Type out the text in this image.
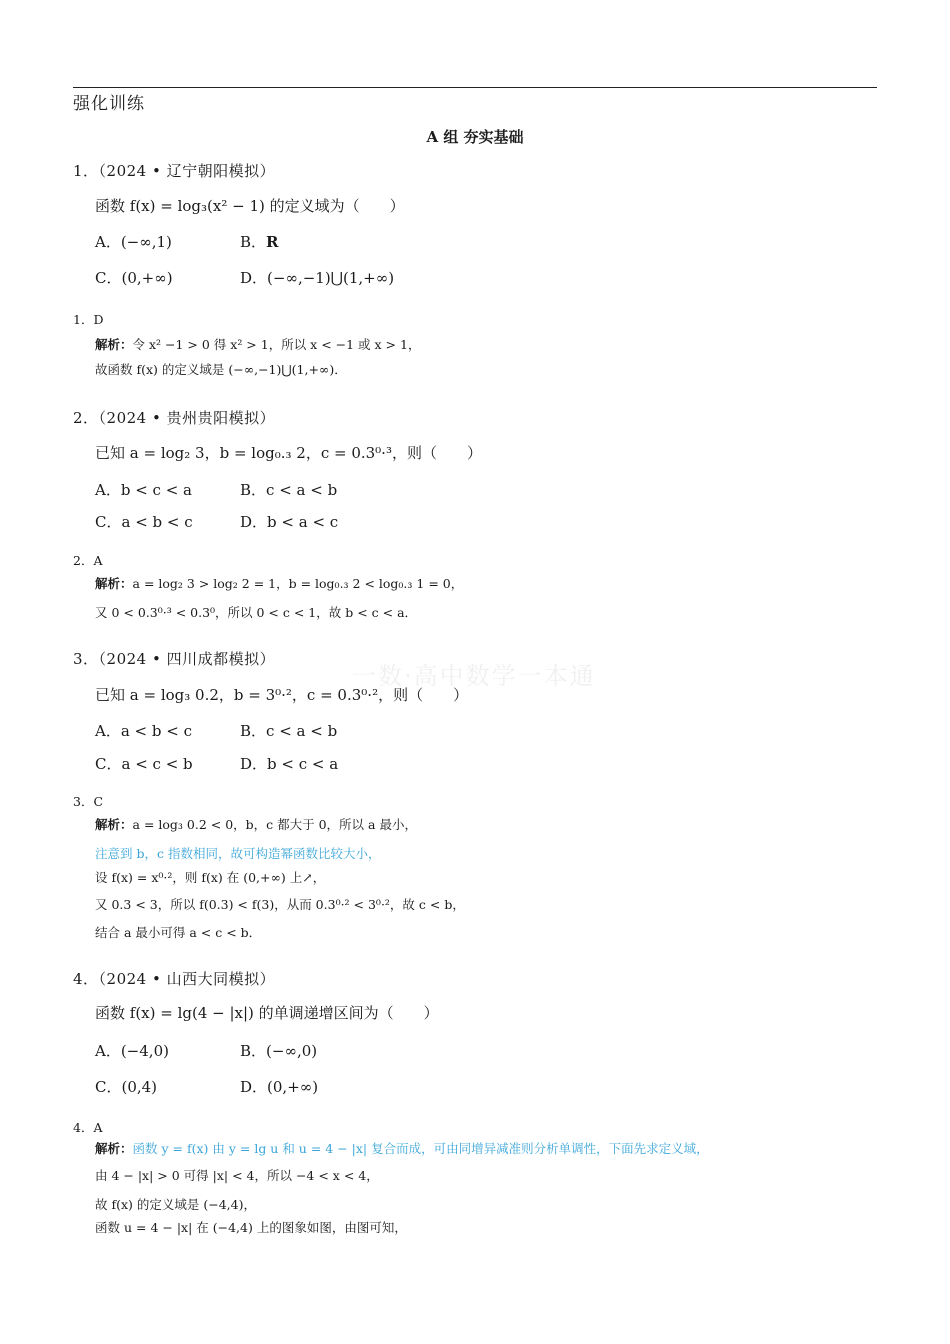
强化训练
A 组 夯实基础
一数·高中数学一本通
1．（2024 • 辽宁朝阳模拟）
函数 f(x) = log₃(x² − 1) 的定义域为（　　）
A．(−∞,1)	B．R
C．(0,+∞)	D．(−∞,−1)⋃(1,+∞)
1．D
解析：令 x² −1 > 0 得 x² > 1，所以 x < −1 或 x > 1，
故函数 f(x) 的定义域是 (−∞,−1)⋃(1,+∞)．
2．（2024 • 贵州贵阳模拟）
已知 a = log₂ 3，b = log₀.₃ 2，c = 0.3⁰·³，则（　　）
A．b < c < a	B．c < a < b
C．a < b < c	D．b < a < c
2．A
解析：a = log₂ 3 > log₂ 2 = 1，b = log₀.₃ 2 < log₀.₃ 1 = 0，
又 0 < 0.3⁰·³ < 0.3⁰，所以 0 < c < 1，故 b < c < a．
3．（2024 • 四川成都模拟）
已知 a = log₃ 0.2，b = 3⁰·²，c = 0.3⁰·²，则（　　）
A．a < b < c	B．c < a < b
C．a < c < b	D．b < c < a
3．C
解析：a = log₃ 0.2 < 0，b，c 都大于 0，所以 a 最小，
注意到 b，c 指数相同，故可构造幂函数比较大小，
设 f(x) = x⁰·²，则 f(x) 在 (0,+∞) 上↗，
又 0.3 < 3，所以 f(0.3) < f(3)，从而 0.3⁰·² < 3⁰·²，故 c < b，
结合 a 最小可得 a < c < b．
4．（2024 • 山西大同模拟）
函数 f(x) = lg(4 − |x|) 的单调递增区间为（　　）
A．(−4,0)	B．(−∞,0)
C．(0,4)	D．(0,+∞)
4．A
解析：函数 y = f(x) 由 y = lg u 和 u = 4 − |x| 复合而成，可由同增异减准则分析单调性，下面先求定义域，
由 4 − |x| > 0 可得 |x| < 4，所以 −4 < x < 4，
故 f(x) 的定义域是 (−4,4)，
函数 u = 4 − |x| 在 (−4,4) 上的图象如图，由图可知，
